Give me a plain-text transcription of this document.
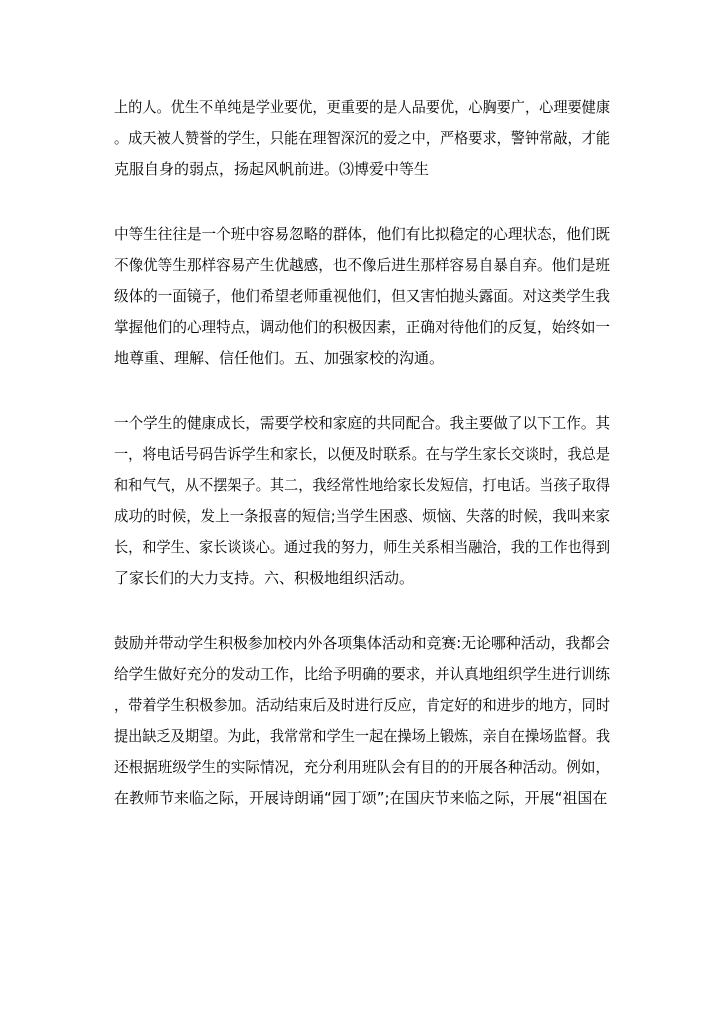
上的人。优生不单纯是学业要优，更重要的是人品要优，心胸要广，心理要健康
。成天被人赞誉的学生，只能在理智深沉的爱之中，严格要求，警钟常敲，才能
克服自身的弱点，扬起风帆前进。⑶博爱中等生
中等生往往是一个班中容易忽略的群体，他们有比拟稳定的心理状态，他们既
不像优等生那样容易产生优越感，也不像后进生那样容易自暴自弃。他们是班
级体的一面镜子，他们希望老师重视他们，但又害怕抛头露面。对这类学生我
掌握他们的心理特点，调动他们的积极因素，正确对待他们的反复，始终如一
地尊重、理解、信任他们。五、加强家校的沟通。
一个学生的健康成长，需要学校和家庭的共同配合。我主要做了以下工作。其
一，将电话号码告诉学生和家长，以便及时联系。在与学生家长交谈时，我总是
和和气气，从不摆架子。其二，我经常性地给家长发短信，打电话。当孩子取得
成功的时候，发上一条报喜的短信;当学生困惑、烦恼、失落的时候，我叫来家
长，和学生、家长谈谈心。通过我的努力，师生关系相当融洽，我的工作也得到
了家长们的大力支持。六、积极地组织活动。
鼓励并带动学生积极参加校内外各项集体活动和竞赛:无论哪种活动，我都会
给学生做好充分的发动工作，比给予明确的要求，并认真地组织学生进行训练
，带着学生积极参加。活动结束后及时进行反应，肯定好的和进步的地方，同时
提出缺乏及期望。为此，我常常和学生一起在操场上锻炼，亲自在操场监督。我
还根据班级学生的实际情况，充分利用班队会有目的的开展各种活动。例如，
在教师节来临之际，开展诗朗诵“园丁颂”;在国庆节来临之际，开展“祖国在
